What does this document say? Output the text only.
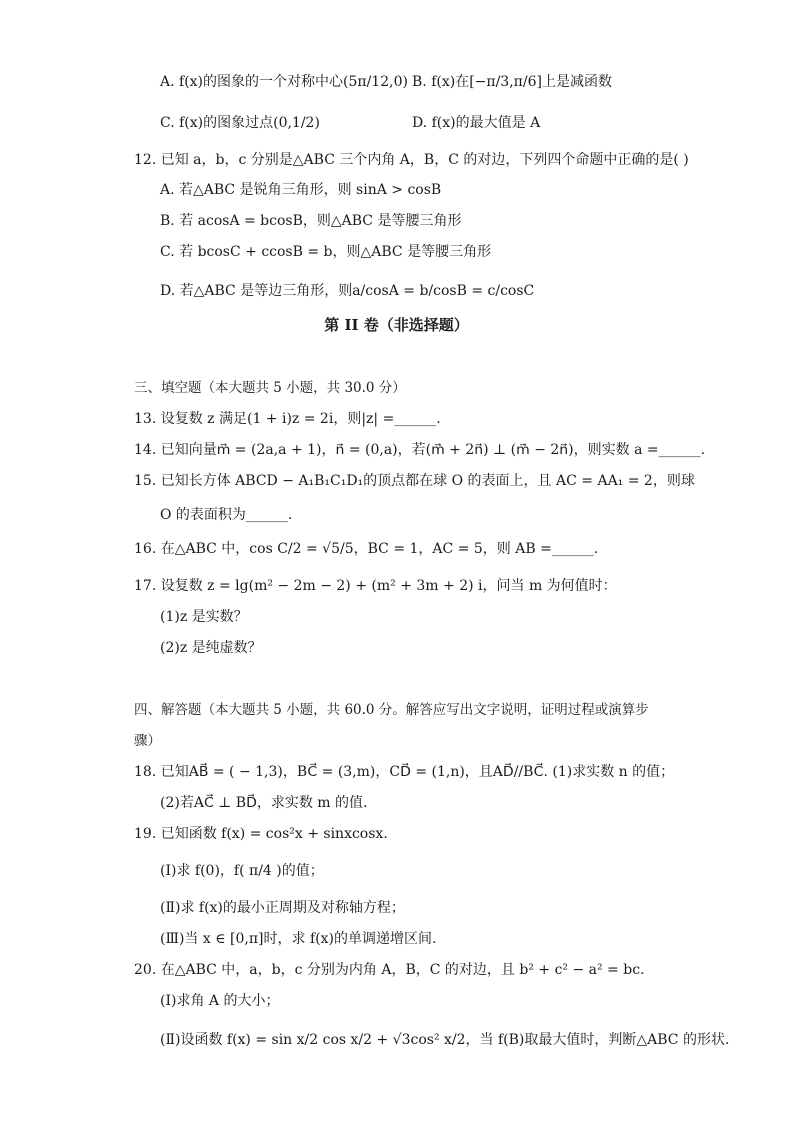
A. f(x)的图象的一个对称中心(5π/12,0) B. f(x)在[−π/3,π/6]上是减函数
C. f(x)的图象过点(0,1/2)	D. f(x)的最大值是 A
12. 已知 a，b，c 分别是△ABC 三个内角 A，B，C 的对边，下列四个命题中正确的是( )
A. 若△ABC 是锐角三角形，则 sinA > cosB
B. 若 acosA = bcosB，则△ABC 是等腰三角形
C. 若 bcosC + ccosB = b，则△ABC 是等腰三角形
D. 若△ABC 是等边三角形，则a/cosA = b/cosB = c/cosC
第 II 卷（非选择题）
三、填空题（本大题共 5 小题，共 30.0 分）
13. 设复数 z 满足(1 + i)z = 2i，则|z| =______.
14. 已知向量m⃗ = (2a,a + 1)，n⃗ = (0,a)，若(m⃗ + 2n⃗) ⊥ (m⃗ − 2n⃗)，则实数 a =______.
15. 已知长方体 ABCD − A₁B₁C₁D₁的顶点都在球 O 的表面上，且 AC = AA₁ = 2，则球
O 的表面积为______.
16. 在△ABC 中，cos C/2 = √5/5，BC = 1，AC = 5，则 AB =______.
17. 设复数 z = lg(m² − 2m − 2) + (m² + 3m + 2) i，问当 m 为何值时：
(1)z 是实数？
(2)z 是纯虚数？
四、解答题（本大题共 5 小题，共 60.0 分。解答应写出文字说明，证明过程或演算步
骤）
18. 已知AB⃗ = ( − 1,3)，BC⃗ = (3,m)，CD⃗ = (1,n)，且AD⃗//BC⃗. (1)求实数 n 的值；
(2)若AC⃗ ⊥ BD⃗，求实数 m 的值.
19. 已知函数 f(x) = cos²x + sinxcosx.
(Ⅰ)求 f(0)，f( π/4 )的值；
(Ⅱ)求 f(x)的最小正周期及对称轴方程；
(Ⅲ)当 x ∈ [0,π]时，求 f(x)的单调递增区间.
20. 在△ABC 中，a，b，c 分别为内角 A，B，C 的对边，且 b² + c² − a² = bc.
(Ⅰ)求角 A 的大小；
(Ⅱ)设函数 f(x) = sin x/2 cos x/2 + √3cos² x/2，当 f(B)取最大值时，判断△ABC 的形状.
